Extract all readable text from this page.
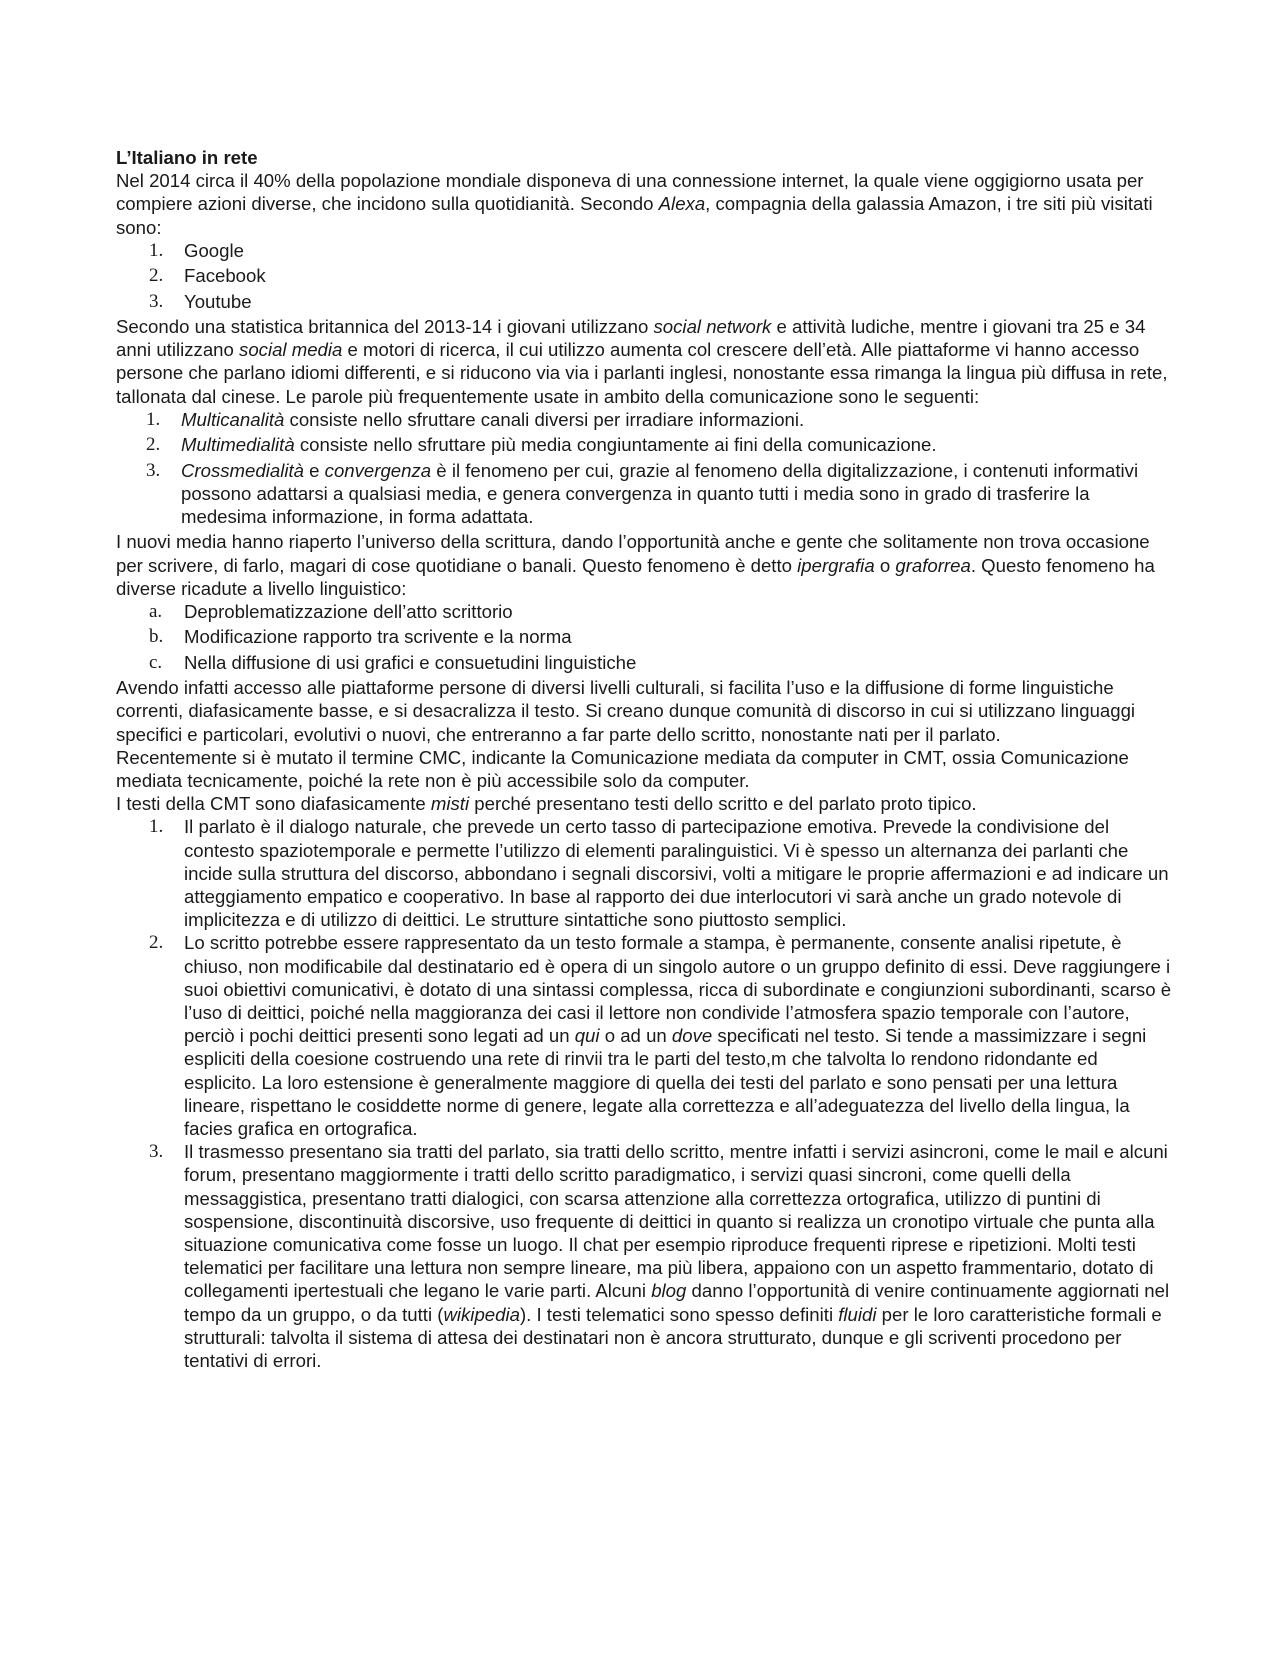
L’Italiano in rete

Nel 2014 circa il 40% della popolazione mondiale disponeva di una connessione internet, la quale viene oggigiorno usata per compiere azioni diverse, che incidono sulla quotidianità. Secondo Alexa, compagnia della galassia Amazon, i tre siti più visitati sono:

1.	Google
2.	Facebook
3.	Youtube

Secondo una statistica britannica del 2013-14 i giovani utilizzano social network e attività ludiche, mentre i giovani tra 25 e 34 anni utilizzano social media e motori di ricerca, il cui utilizzo aumenta col crescere dell’età. Alle piattaforme vi hanno accesso persone che parlano idiomi differenti, e si riducono via via i parlanti inglesi, nonostante essa rimanga la lingua più diffusa in rete, tallonata dal cinese. Le parole più frequentemente usate in ambito della comunicazione sono le seguenti:

1.	Multicanalità consiste nello sfruttare canali diversi per irradiare informazioni.
2.	Multimedialità consiste nello sfruttare più media congiuntamente ai fini della comunicazione.
3.	Crossmedialità e convergenza è il fenomeno per cui, grazie al fenomeno della digitalizzazione, i contenuti informativi possono adattarsi a qualsiasi media, e genera convergenza in quanto tutti i media sono in grado di trasferire la medesima informazione, in forma adattata.

I nuovi media hanno riaperto l’universo della scrittura, dando l’opportunità anche e gente che solitamente non trova occasione per scrivere, di farlo, magari di cose quotidiane o banali. Questo fenomeno è detto ipergrafia o graforrea. Questo fenomeno ha diverse ricadute a livello linguistico:

a.	Deproblematizzazione dell’atto scrittorio
b.	Modificazione rapporto tra scrivente e la norma
c.	Nella diffusione di usi grafici e consuetudini linguistiche

Avendo infatti accesso alle piattaforme persone di diversi livelli culturali, si facilita l’uso e la diffusione di forme linguistiche correnti, diafasicamente basse, e si desacralizza il testo. Si creano dunque comunità di discorso in cui si utilizzano linguaggi specifici e particolari, evolutivi o nuovi, che entreranno a far parte dello scritto, nonostante nati per il parlato.

Recentemente si è mutato il termine CMC, indicante la Comunicazione mediata da computer in CMT, ossia Comunicazione mediata tecnicamente, poiché la rete non è più accessibile solo da computer.

I testi della CMT sono diafasicamente misti perché presentano testi dello scritto e del parlato proto tipico.

1.	Il parlato è il dialogo naturale, che prevede un certo tasso di partecipazione emotiva. Prevede la condivisione del contesto spaziotemporale e permette l’utilizzo di elementi paralinguistici. Vi è spesso un alternanza dei parlanti che incide sulla struttura del discorso, abbondano i segnali discorsivi, volti a mitigare le proprie affermazioni e ad indicare un atteggiamento empatico e cooperativo. In base al rapporto dei due interlocutori vi sarà anche un grado notevole di implicitezza e di utilizzo di deittici. Le strutture sintattiche sono piuttosto semplici.
2.	Lo scritto potrebbe essere rappresentato da un testo formale a stampa, è permanente, consente analisi ripetute, è chiuso, non modificabile dal destinatario ed è opera di un singolo autore o un gruppo definito di essi. Deve raggiungere i suoi obiettivi comunicativi, è dotato di una sintassi complessa, ricca di subordinate e congiunzioni subordinanti, scarso è l’uso di deittici, poiché nella maggioranza dei casi il lettore non condivide l’atmosfera spazio temporale con l’autore, perciò i pochi deittici presenti sono legati ad un qui o ad un dove specificati nel testo. Si tende a massimizzare i segni espliciti della coesione costruendo una rete di rinvii tra le parti del testo,m che talvolta lo rendono ridondante ed esplicito. La loro estensione è generalmente maggiore di quella dei testi del parlato e sono pensati per una lettura lineare, rispettano le cosiddette norme di genere, legate alla correttezza e all’adeguatezza del livello della lingua, la facies grafica en ortografica.
3.	Il trasmesso presentano sia tratti del parlato, sia tratti dello scritto, mentre infatti i servizi asincroni, come le mail e alcuni forum, presentano maggiormente i tratti dello scritto paradigmatico, i servizi quasi sincroni, come quelli della messaggistica, presentano tratti dialogici, con scarsa attenzione alla correttezza ortografica, utilizzo di puntini di sospensione, discontinuità discorsive, uso frequente di deittici in quanto si realizza un cronotipo virtuale che punta alla situazione comunicativa come fosse un luogo. Il chat per esempio riproduce frequenti riprese e ripetizioni. Molti testi telematici per facilitare una lettura non sempre lineare, ma più libera, appaiono con un aspetto frammentario, dotato di collegamenti ipertestuali che legano le varie parti. Alcuni blog danno l’opportunità di venire continuamente aggiornati nel tempo da un gruppo, o da tutti (wikipedia). I testi telematici sono spesso definiti fluidi per le loro caratteristiche formali e strutturali: talvolta il sistema di attesa dei destinatari non è ancora strutturato, dunque e gli scriventi procedono per tentativi di errori.
